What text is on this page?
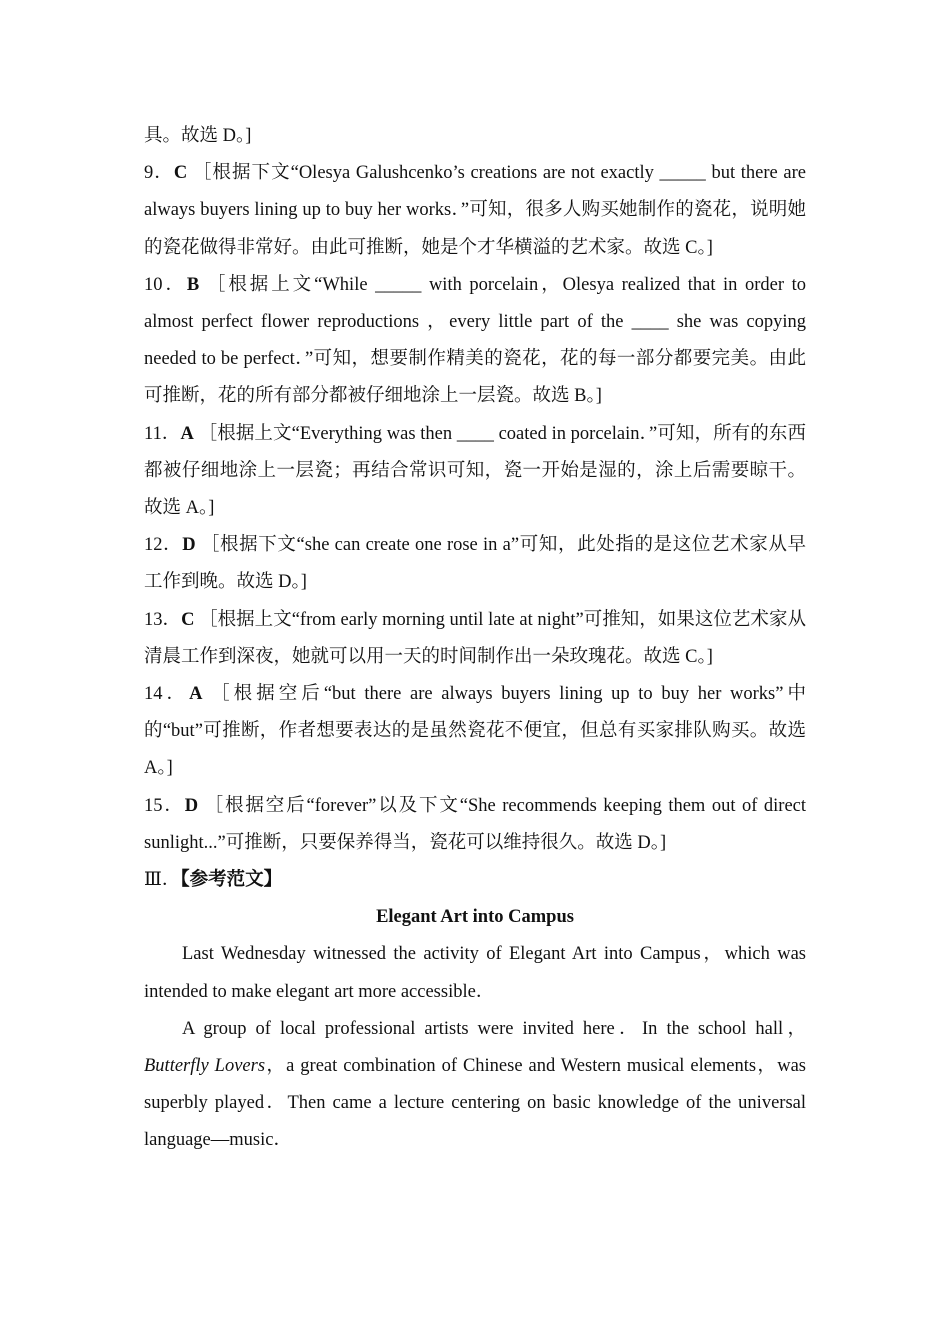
具。故选 D。]

9．C ［根据下文“Olesya Galushcenko’s creations are not exactly _____ but there are always buyers lining up to buy her works．”可知，很多人购买她制作的瓷花，说明她的瓷花做得非常好。由此可推断，她是个才华横溢的艺术家。故选 C。]

10．B ［根据上文“While _____ with porcelain，Olesya realized that in order to almost perfect flower reproductions ，every little part of the ____ she was copying needed to be perfect．”可知，想要制作精美的瓷花，花的每一部分都要完美。由此可推断，花的所有部分都被仔细地涂上一层瓷。故选 B。]

11．A ［根据上文“Everything was then ____ coated in porcelain．”可知，所有的东西都被仔细地涂上一层瓷；再结合常识可知，瓷一开始是湿的，涂上后需要晾干。故选 A。]

12．D ［根据下文“she can create one rose in a”可知，此处指的是这位艺术家从早工作到晚。故选 D。]

13．C ［根据上文“from early morning until late at night”可推知，如果这位艺术家从清晨工作到深夜，她就可以用一天的时间制作出一朵玫瑰花。故选 C。]

14．A ［根据空后“but there are always buyers lining up to buy her works”中的“but”可推断，作者想要表达的是虽然瓷花不便宜，但总有买家排队购买。故选 A。]

15．D ［根据空后“forever”以及下文“She recommends keeping them out of direct sunlight...”可推断，只要保养得当，瓷花可以维持很久。故选 D。]

Ⅲ．【参考范文】

Elegant Art into Campus

Last Wednesday witnessed the activity of Elegant Art into Campus，which was intended to make elegant art more accessible．

A group of local professional artists were invited here．In the school hall，Butterfly Lovers，a great combination of Chinese and Western musical elements，was superbly played．Then came a lecture centering on basic knowledge of the universal language—music．
